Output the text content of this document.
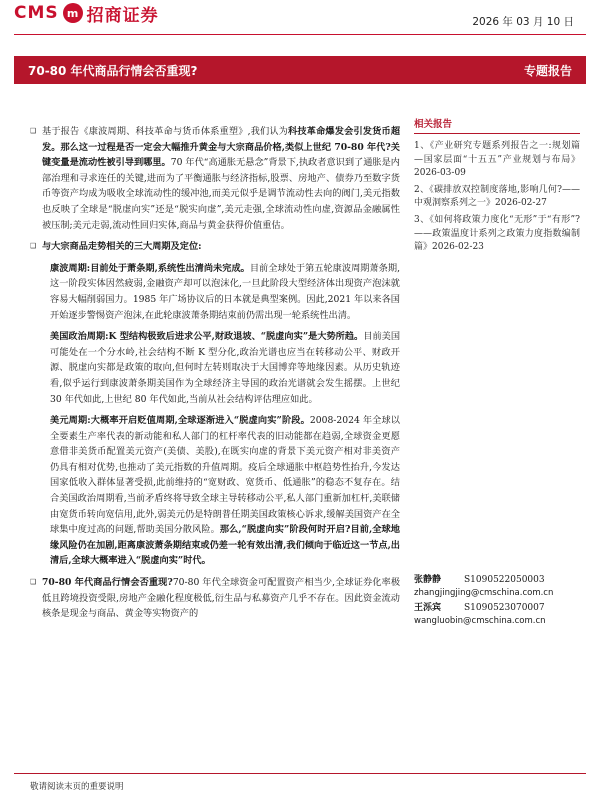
CMS m 招商证券	2026 年 03 月 10 日
70-80 年代商品行情会否重现?	专题报告
❑ 基于报告《康波周期、科技革命与货币体系重塑》,我们认为科技革命爆发会引发货币超发。那么这一过程是否一定会大幅推升黄金与大宗商品价格,类似上世纪 70-80 年代?关键变量是流动性被引导到哪里。70 年代“高通胀无悬念”背景下,执政者意识到了通胀是内部治理和寻求连任的关键,进而为了平衡通胀与经济指标,股票、房地产、债券乃至数字货币等资产均成为吸收全球流动性的缓冲池,而美元似乎是调节流动性去向的阀门,美元指数也反映了全球是“脱虚向实”还是“脱实向虚”,美元走强,全球流动性向虚,资源品金融属性被压制;美元走弱,流动性回归实体,商品与黄金获得价值重估。
❑ 与大宗商品走势相关的三大周期及定位:
康波周期:目前处于萧条期,系统性出清尚未完成。目前全球处于第五轮康波周期萧条期,这一阶段实体因然疲弱,金融资产却可以泡沫化,一旦此阶段大型经济体出现资产泡沫就容易大幅削弱国力。1985 年广场协议后的日本就是典型案例。因此,2021 年以来各国开始逐步警惕资产泡沫,在此轮康波萧条期结束前仍需出现一轮系统性出清。
美国政治周期:K 型结构极致后进求公平,财政退坡、“脱虚向实”是大势所趋。目前美国可能处在一个分水岭,社会结构不断 K 型分化,政治光谱也应当在转移动公平、财政开源、脱虚向实都是政策的取向,但何时左转则取决于大国博弈等地缘因素。从历史轨迹看,似乎运行到康波萧条期美国作为全球经济主导国的政治光谱就会发生摇摆。上世纪 30 年代如此,上世纪 80 年代如此,当前从社会结构评估理应如此。
美元周期:大概率开启贬值周期,全球逐渐进入“脱虚向实”阶段。2008-2024 年全球以全要素生产率代表的新动能和私人部门的杠杆率代表的旧动能都在趋弱,全球资金更愿意借非美货币配置美元资产(美债、美股),在既实向虚的背景下美元资产相对非美资产仍具有相对优势,也推动了美元指数的升值周期。疫后全球通胀中枢趋势性抬升,今发达国家低收入群体显著受损,此前维持的“宽财政、宽货币、低通胀”的稳态不复存在。结合美国政治周期看,当前矛盾终将导致全球主导转移动公平,私人部门重新加杠杆,美联储由宽货币转向宽信用,此外,弱美元仍是特朗普任期美国政策核心诉求,缓解美国资产在全球集中度过高的问题,帮助美国分散风险。那么,“脱虚向实”阶段何时开启?目前,全球地缘风险仍在加剧,距离康波萧条期结束或仍差一轮有效出清,我们倾向于临近这一节点,出清后,全球大概率进入“脱虚向实”时代。
❑ 70-80 年代商品行情会否重现?70-80 年代全球资金可配置资产相当少,全球证券化率极低且跨境投资受限,房地产金融化程度极低,衍生品与私募资产几乎不存在。因此资金流动核条是现金与商品、黄金等实物资产的
相关报告
1、《产业研究专题系列报告之一:规划篇—国家层面“十五五”产业规划与布局》2026-03-09
2、《碳排放双控制度落地,影响几何?——中观洞察系列之一》2026-02-27
3、《如何将政策力度化“无形”于“有形”?——政策温度计系列之政策力度指数编制篇》2026-02-23
张静静	S1090522050003
zhangjingjing@cmschina.com.cn
王泺宾	S1090523070007
wangluobin@cmschina.com.cn
敬请阅读末页的重要说明
